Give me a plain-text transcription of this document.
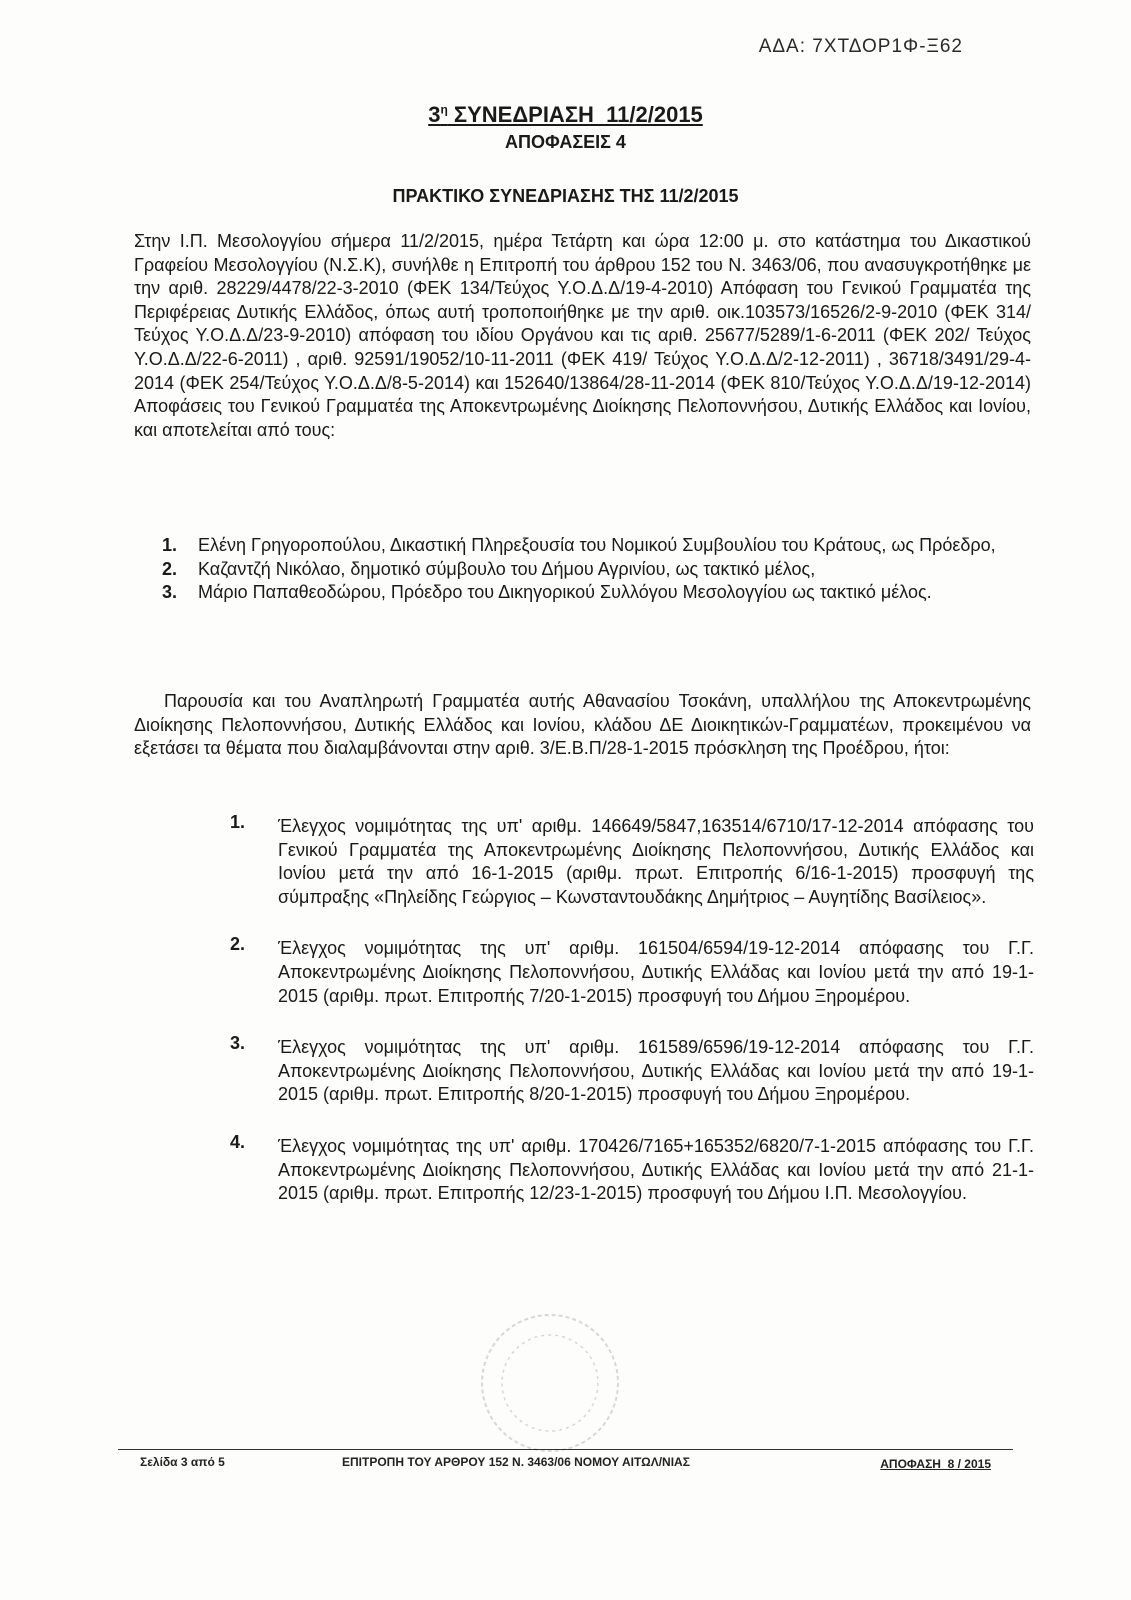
ΑΔΑ: 7ΧΤΔΟΡ1Φ-Ξ62
$3^\eta$ ΣΥΝΕΔΡΙΑΣΗ  11/2/2015
ΑΠΟΦΑΣΕΙΣ 4
ΠΡΑΚΤΙΚΟ ΣΥΝΕΔΡΙΑΣΗΣ ΤΗΣ 11/2/2015

Στην Ι.Π. Μεσολογγίου σήμερα 11/2/2015, ημέρα Τετάρτη και ώρα 12:00 μ. στο κατάστημα του Δικαστικού Γραφείου Μεσολογγίου (Ν.Σ.Κ), συνήλθε η Επιτροπή του άρθρου 152 του Ν. 3463/06, που ανασυγκροτήθηκε με την αριθ. 28229/4478/22-3-2010 (ΦΕΚ 134/Τεύχος Υ.Ο.Δ.Δ/19-4-2010) Απόφαση του Γενικού Γραμματέα της Περιφέρειας Δυτικής Ελλάδος, όπως αυτή τροποποιήθηκε με την αριθ. οικ.103573/16526/2-9-2010 (ΦΕΚ 314/Τεύχος Υ.Ο.Δ.Δ/23-9-2010) απόφαση του ιδίου Οργάνου και τις αριθ. 25677/5289/1-6-2011 (ΦΕΚ 202/ Τεύχος Υ.Ο.Δ.Δ/22-6-2011) , αριθ. 92591/19052/10-11-2011 (ΦΕΚ 419/ Τεύχος Υ.Ο.Δ.Δ/2-12-2011) , 36718/3491/29-4-2014 (ΦΕΚ 254/Τεύχος Υ.Ο.Δ.Δ/8-5-2014) και 152640/13864/28-11-2014 (ΦΕΚ 810/Τεύχος Υ.Ο.Δ.Δ/19-12-2014) Αποφάσεις του Γενικού Γραμματέα της Αποκεντρωμένης Διοίκησης Πελοποννήσου, Δυτικής Ελλάδος και Ιονίου, και αποτελείται από τους:

1.	Ελένη Γρηγοροπούλου, Δικαστική Πληρεξουσία του Νομικού Συμβουλίου του Κράτους, ως Πρόεδρο,
2.	Καζαντζή Νικόλαο, δημοτικό σύμβουλο του Δήμου Αγρινίου, ως τακτικό μέλος,
3.	Μάριο Παπαθεοδώρου, Πρόεδρο του Δικηγορικού Συλλόγου Μεσολογγίου ως τακτικό μέλος.

Παρουσία και του Αναπληρωτή Γραμματέα αυτής Αθανασίου Τσοκάνη, υπαλλήλου της Αποκεντρωμένης Διοίκησης Πελοποννήσου, Δυτικής Ελλάδος και Ιονίου, κλάδου ΔΕ Διοικητικών-Γραμματέων, προκειμένου να εξετάσει τα θέματα που διαλαμβάνονται στην αριθ. 3/Ε.Β.Π/28-1-2015 πρόσκληση της Προέδρου, ήτοι:

1. Έλεγχος νομιμότητας της υπ' αριθμ. 146649/5847,163514/6710/17-12-2014 απόφασης του Γενικού Γραμματέα της Αποκεντρωμένης Διοίκησης Πελοποννήσου, Δυτικής Ελλάδος και Ιονίου μετά την από 16-1-2015 (αριθμ. πρωτ. Επιτροπής 6/16-1-2015) προσφυγή της σύμπραξης «Πηλείδης Γεώργιος – Κωνσταντουδάκης Δημήτριος – Αυγητίδης Βασίλειος».
2. Έλεγχος νομιμότητας της υπ' αριθμ. 161504/6594/19-12-2014 απόφασης του Γ.Γ. Αποκεντρωμένης Διοίκησης Πελοποννήσου, Δυτικής Ελλάδας και Ιονίου μετά την από 19-1-2015 (αριθμ. πρωτ. Επιτροπής 7/20-1-2015) προσφυγή του Δήμου Ξηρομέρου.
3. Έλεγχος νομιμότητας της υπ' αριθμ. 161589/6596/19-12-2014 απόφασης του Γ.Γ. Αποκεντρωμένης Διοίκησης Πελοποννήσου, Δυτικής Ελλάδας και Ιονίου μετά την από 19-1-2015 (αριθμ. πρωτ. Επιτροπής 8/20-1-2015) προσφυγή του Δήμου Ξηρομέρου.
4. Έλεγχος νομιμότητας της υπ' αριθμ. 170426/7165+165352/6820/7-1-2015 απόφασης του Γ.Γ. Αποκεντρωμένης Διοίκησης Πελοποννήσου, Δυτικής Ελλάδας και Ιονίου μετά την από 21-1-2015 (αριθμ. πρωτ. Επιτροπής 12/23-1-2015) προσφυγή του Δήμου Ι.Π. Μεσολογγίου.
Σελίδα 3 από 5	ΕΠΙΤΡΟΠΗ ΤΟΥ ΑΡΘΡΟΥ 152 Ν. 3463/06 ΝΟΜΟΥ ΑΙΤΩΛ/ΝΙΑΣ	ΑΠΟΦΑΣΗ  8 / 2015
